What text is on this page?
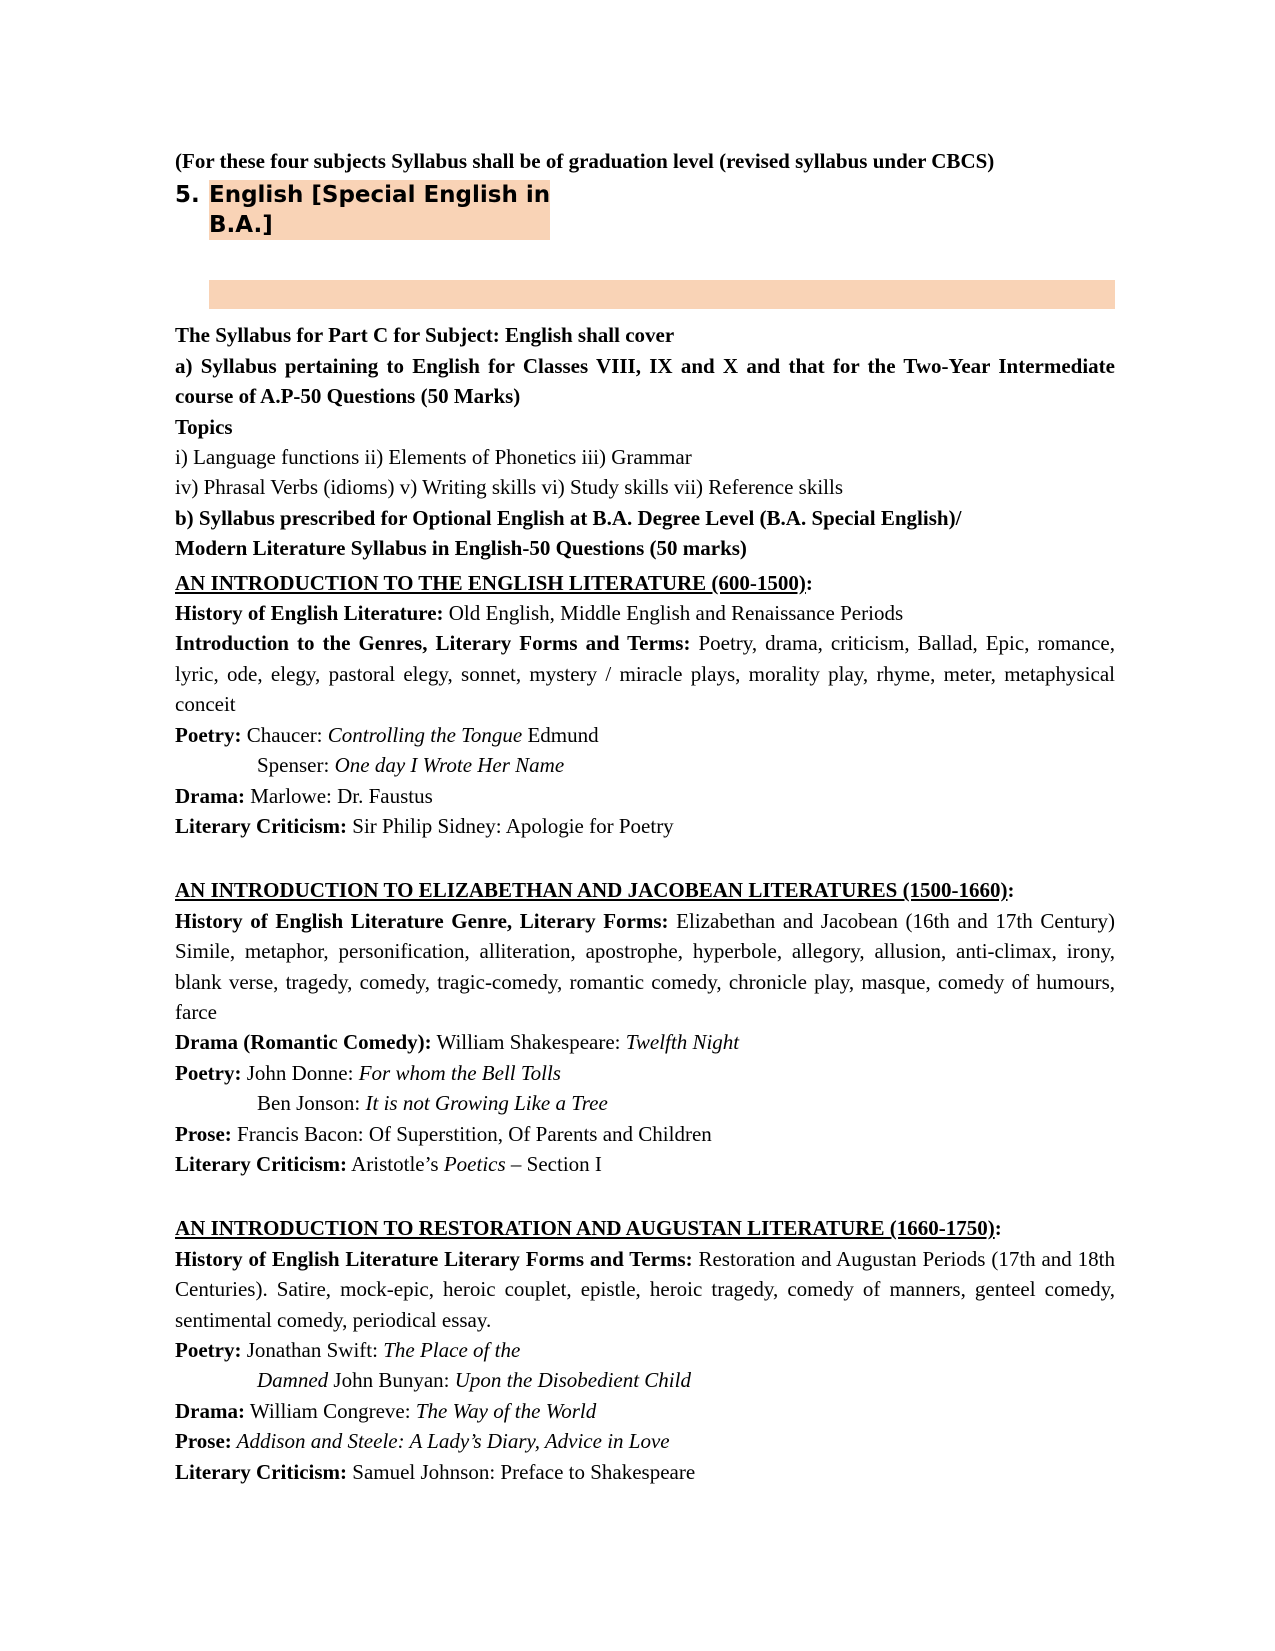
(For these four subjects Syllabus shall be of graduation level (revised syllabus under CBCS)
5. English [Special English in
B.A.]
The Syllabus for Part C for Subject: English shall cover
a) Syllabus pertaining to English for Classes VIII, IX and X and that for the Two-Year Intermediate course of A.P-50 Questions (50 Marks)
Topics
i) Language functions ii) Elements of Phonetics iii) Grammar
iv) Phrasal Verbs (idioms) v) Writing skills vi) Study skills vii) Reference skills
b) Syllabus prescribed for Optional English at B.A. Degree Level (B.A. Special English)/
Modern Literature Syllabus in English-50 Questions (50 marks)
AN INTRODUCTION TO THE ENGLISH LITERATURE (600-1500):
History of English Literature: Old English, Middle English and Renaissance Periods
Introduction to the Genres, Literary Forms and Terms: Poetry, drama, criticism, Ballad, Epic, romance, lyric, ode, elegy, pastoral elegy, sonnet, mystery / miracle plays, morality play, rhyme, meter, metaphysical conceit
Poetry: Chaucer: Controlling the Tongue Edmund
Spenser: One day I Wrote Her Name
Drama: Marlowe: Dr. Faustus
Literary Criticism: Sir Philip Sidney: Apologie for Poetry
AN INTRODUCTION TO ELIZABETHAN AND JACOBEAN LITERATURES (1500-1660):
History of English Literature Genre, Literary Forms: Elizabethan and Jacobean (16th and 17th Century) Simile, metaphor, personification, alliteration, apostrophe, hyperbole, allegory, allusion, anti-climax, irony, blank verse, tragedy, comedy, tragic-comedy, romantic comedy, chronicle play, masque, comedy of humours, farce
Drama (Romantic Comedy): William Shakespeare: Twelfth Night
Poetry: John Donne: For whom the Bell Tolls
Ben Jonson: It is not Growing Like a Tree
Prose: Francis Bacon: Of Superstition, Of Parents and Children
Literary Criticism: Aristotle’s Poetics – Section I
AN INTRODUCTION TO RESTORATION AND AUGUSTAN LITERATURE (1660-1750):
History of English Literature Literary Forms and Terms: Restoration and Augustan Periods (17th and 18th Centuries). Satire, mock-epic, heroic couplet, epistle, heroic tragedy, comedy of manners, genteel comedy, sentimental comedy, periodical essay.
Poetry: Jonathan Swift: The Place of the
Damned John Bunyan: Upon the Disobedient Child
Drama: William Congreve: The Way of the World
Prose: Addison and Steele: A Lady’s Diary, Advice in Love
Literary Criticism: Samuel Johnson: Preface to Shakespeare
